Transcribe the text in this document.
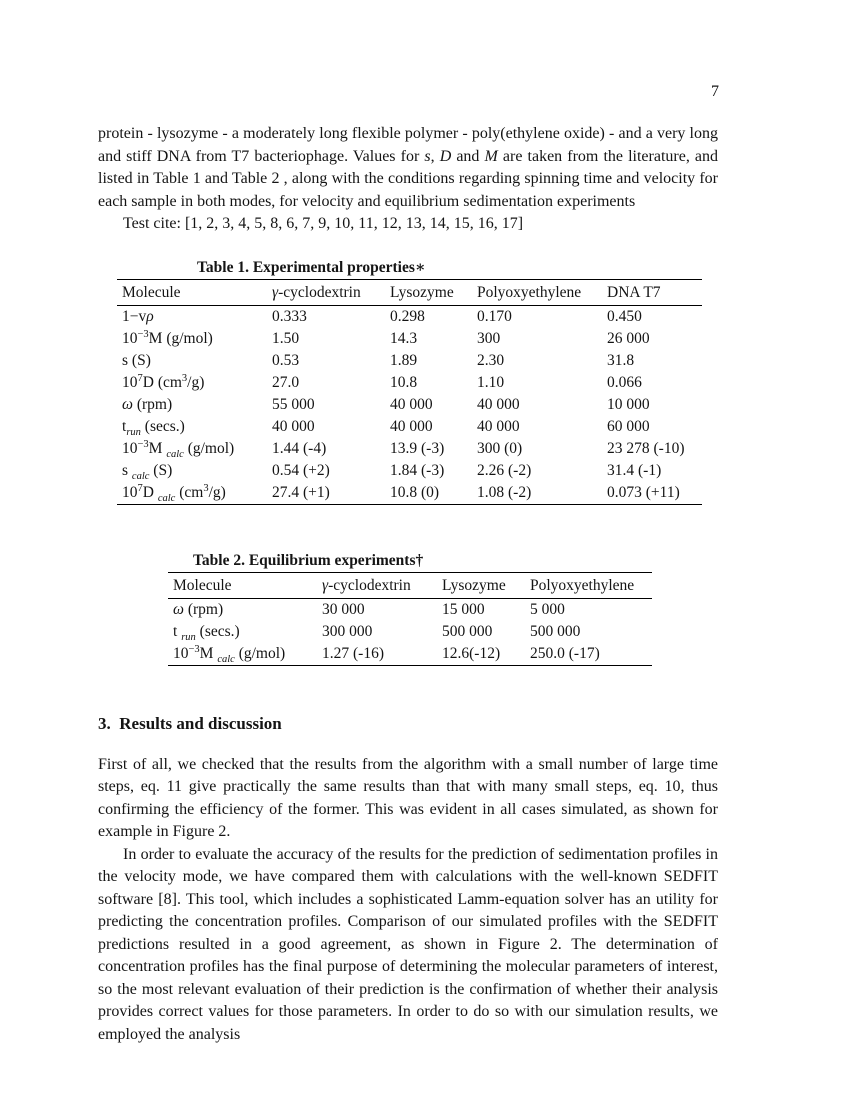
7

protein - lysozyme - a moderately long flexible polymer - poly(ethylene oxide) - and a very long and stiff DNA from T7 bacteriophage. Values for s, D and M are taken from the literature, and listed in Table 1 and Table 2 , along with the conditions regarding spinning time and velocity for each sample in both modes, for velocity and equilibrium sedimentation experiments

Test cite: [1, 2, 3, 4, 5, 8, 6, 7, 9, 10, 11, 12, 13, 14, 15, 16, 17]

Table 1. Experimental properties∗
Molecule	γ-cyclodextrin	Lysozyme	Polyoxyethylene	DNA T7
1−vρ	0.333	0.298	0.170	0.450
$10^{-3}M$ (g/mol)	1.50	14.3	300	26 000
s (S)	0.53	1.89	2.30	31.8
$10^7D$ $(cm^3/g)$	27.0	10.8	1.10	0.066
ω (rpm)	55 000	40 000	40 000	10 000
$t_{run}$ (secs.)	40 000	40 000	40 000	60 000
$10^{-3}M$ $_{calc}$ (g/mol)	1.44 (-4)	13.9 (-3)	300 (0)	23 278 (-10)
s $_{calc}$ (S)	0.54 (+2)	1.84 (-3)	2.26 (-2)	31.4 (-1)
$10^7D$ $_{calc}$ $(cm^3/g)$	27.4 (+1)	10.8 (0)	1.08 (-2)	0.073 (+11)
Table 2. Equilibrium experiments†
Molecule	γ-cyclodextrin	Lysozyme	Polyoxyethylene
ω (rpm)	30 000	15 000	5 000
t $_{run}$ (secs.)	300 000	500 000	500 000
$10^{-3}M$ $_{calc}$ (g/mol)	1.27 (-16)	12.6(-12)	250.0 (-17)
3. Results and discussion

First of all, we checked that the results from the algorithm with a small number of large time steps, eq. 11 give practically the same results than that with many small steps, eq. 10, thus confirming the efficiency of the former. This was evident in all cases simulated, as shown for example in Figure 2.

In order to evaluate the accuracy of the results for the prediction of sedimentation profiles in the velocity mode, we have compared them with calculations with the well-known SEDFIT software [8]. This tool, which includes a sophisticated Lamm-equation solver has an utility for predicting the concentration profiles. Comparison of our simulated profiles with the SEDFIT predictions resulted in a good agreement, as shown in Figure 2. The determination of concentration profiles has the final purpose of determining the molecular parameters of interest, so the most relevant evaluation of their prediction is the confirmation of whether their analysis provides correct values for those parameters. In order to do so with our simulation results, we employed the analysis
